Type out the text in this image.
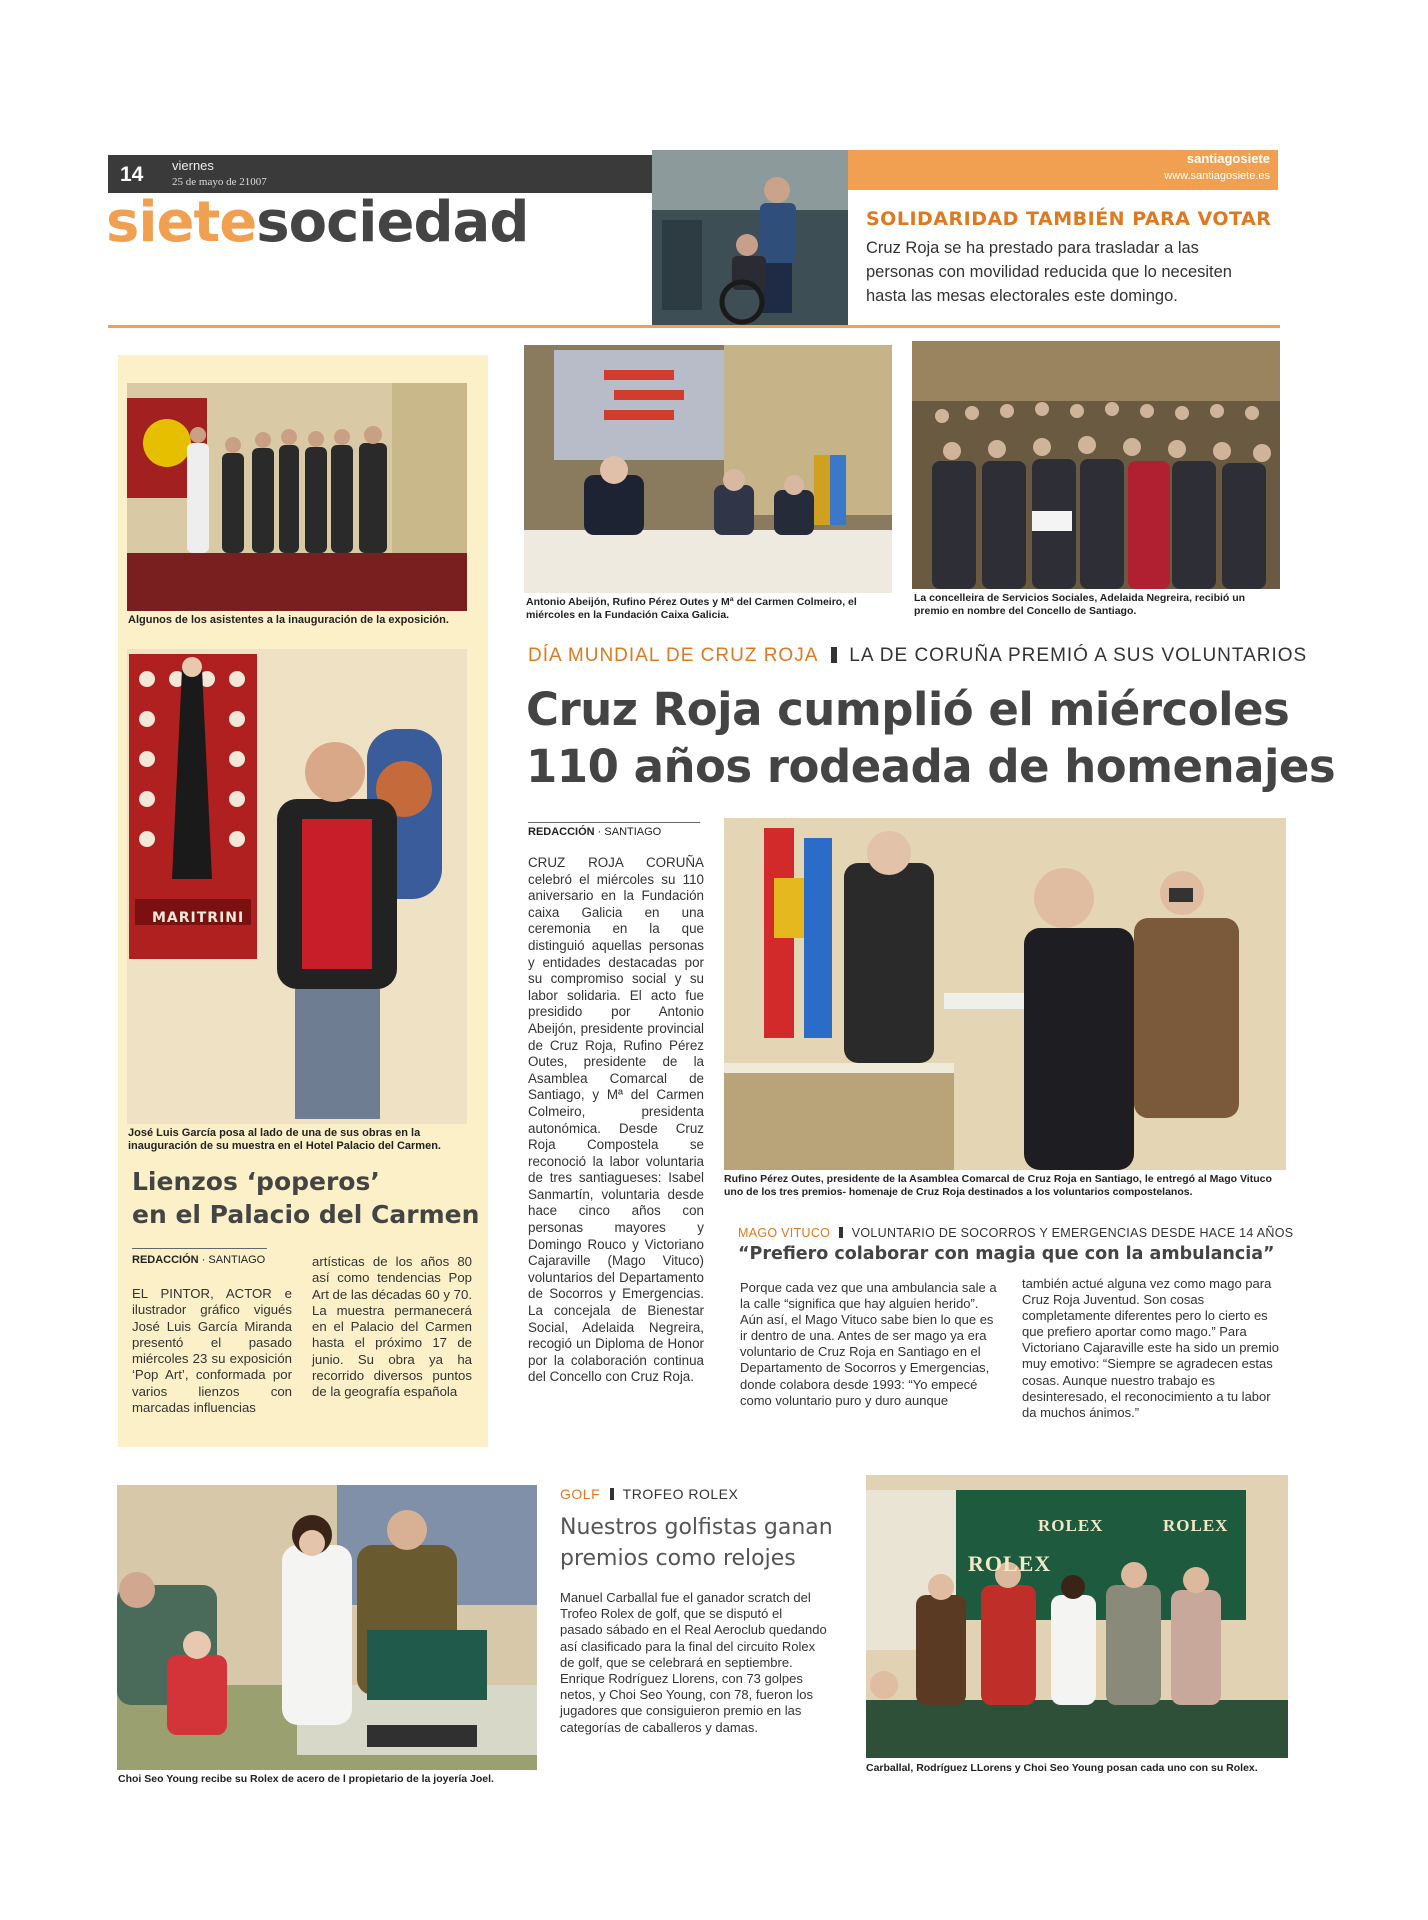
14 viernes
25 de mayo de 21007
sietesociedad
santiagosiete
www.santiagosiete.es
SOLIDARIDAD TAMBIÉN PARA VOTAR
Cruz Roja se ha prestado para trasladar a las personas con movilidad reducida que lo necesiten hasta las mesas electorales este domingo.
Algunos de los asistentes a la inauguración de la exposición.
MARITRINI
José Luis García posa al lado de una de sus obras en la inauguración de su muestra en el Hotel Palacio del Carmen.
Lienzos ‘poperos’
en el Palacio del Carmen
REDACCIÓN · SANTIAGO

EL PINTOR, ACTOR e ilustrador gráfico vigués José Luis García Miranda presentó el pasado miércoles 23 su exposición ‘Pop Art’, conformada por varios lienzos con marcadas influencias

artísticas de los años 80 así como tendencias Pop Art de las décadas 60 y 70. La muestra permanecerá en el Palacio del Carmen hasta el próximo 17 de junio. Su obra ya ha recorrido diversos puntos de la geografía española

Antonio Abeijón, Rufino Pérez Outes y Mª del Carmen Colmeiro, el miércoles en la Fundación Caixa Galicia.
La concelleira de Servicios Sociales, Adelaida Negreira, recibió un premio en nombre del Concello de Santiago.
DÍA MUNDIAL DE CRUZ ROJA LA DE CORUÑA PREMIÓ A SUS VOLUNTARIOS
Cruz Roja cumplió el miércoles
110 años rodeada de homenajes
REDACCIÓN · SANTIAGO

CRUZ ROJA CORUÑA celebró el miércoles su 110 aniversario en la Fundación caixa Galicia en una ceremonia en la que distinguió aquellas personas y entidades destacadas por su compromiso social y su labor solidaria. El acto fue presidido por Antonio Abeijón, presidente provincial de Cruz Roja, Rufino Pérez Outes, presidente de la Asamblea Comarcal de Santiago, y Mª del Carmen Colmeiro, presidenta autonómica. Desde Cruz Roja Compostela se reconoció la labor voluntaria de tres santiagueses: Isabel Sanmartín, voluntaria desde hace cinco años con personas mayores y Domingo Rouco y Victoriano Cajaraville (Mago Vituco) voluntarios del Departamento de Socorros y Emergencias. La concejala de Bienestar Social, Adelaida Negreira, recogió un Diploma de Honor por la colaboración continua del Concello con Cruz Roja.

Rufino Pérez Outes, presidente de la Asamblea Comarcal de Cruz Roja en Santiago, le entregó al Mago Vituco uno de los tres premios- homenaje de Cruz Roja destinados a los voluntarios compostelanos.
MAGO VITUCO VOLUNTARIO DE SOCORROS Y EMERGENCIAS DESDE HACE 14 AÑOS
“Prefiero colaborar con magia que con la ambulancia”

Porque cada vez que una ambulancia sale a la calle “significa que hay alguien herido”. Aún así, el Mago Vituco sabe bien lo que es ir dentro de una. Antes de ser mago ya era voluntario de Cruz Roja en Santiago en el Departamento de Socorros y Emergencias, donde colabora desde 1993: “Yo empecé como voluntario puro y duro aunque

también actué alguna vez como mago para Cruz Roja Juventud. Son cosas completamente diferentes pero lo cierto es que prefiero aportar como mago.” Para Victoriano Cajaraville este ha sido un premio muy emotivo: “Siempre se agradecen estas cosas. Aunque nuestro trabajo es desinteresado, el reconocimiento a tu labor da muchos ánimos.”

Choi Seo Young recibe su Rolex de acero de l propietario de la joyería Joel.
GOLF TROFEO ROLEX
Nuestros golfistas ganan
premios como relojes

Manuel Carballal fue el ganador scratch del Trofeo Rolex de golf, que se disputó el pasado sábado en el Real Aeroclub quedando así clasificado para la final del circuito Rolex de golf, que se celebrará en septiembre. Enrique Rodríguez Llorens, con 73 golpes netos, y Choi Seo Young, con 78, fueron los jugadores que consiguieron premio en las categorías de caballeros y damas.

ROLEX	ROLEX
ROLEX
Carballal, Rodríguez LLorens y Choi Seo Young posan cada uno con su Rolex.
